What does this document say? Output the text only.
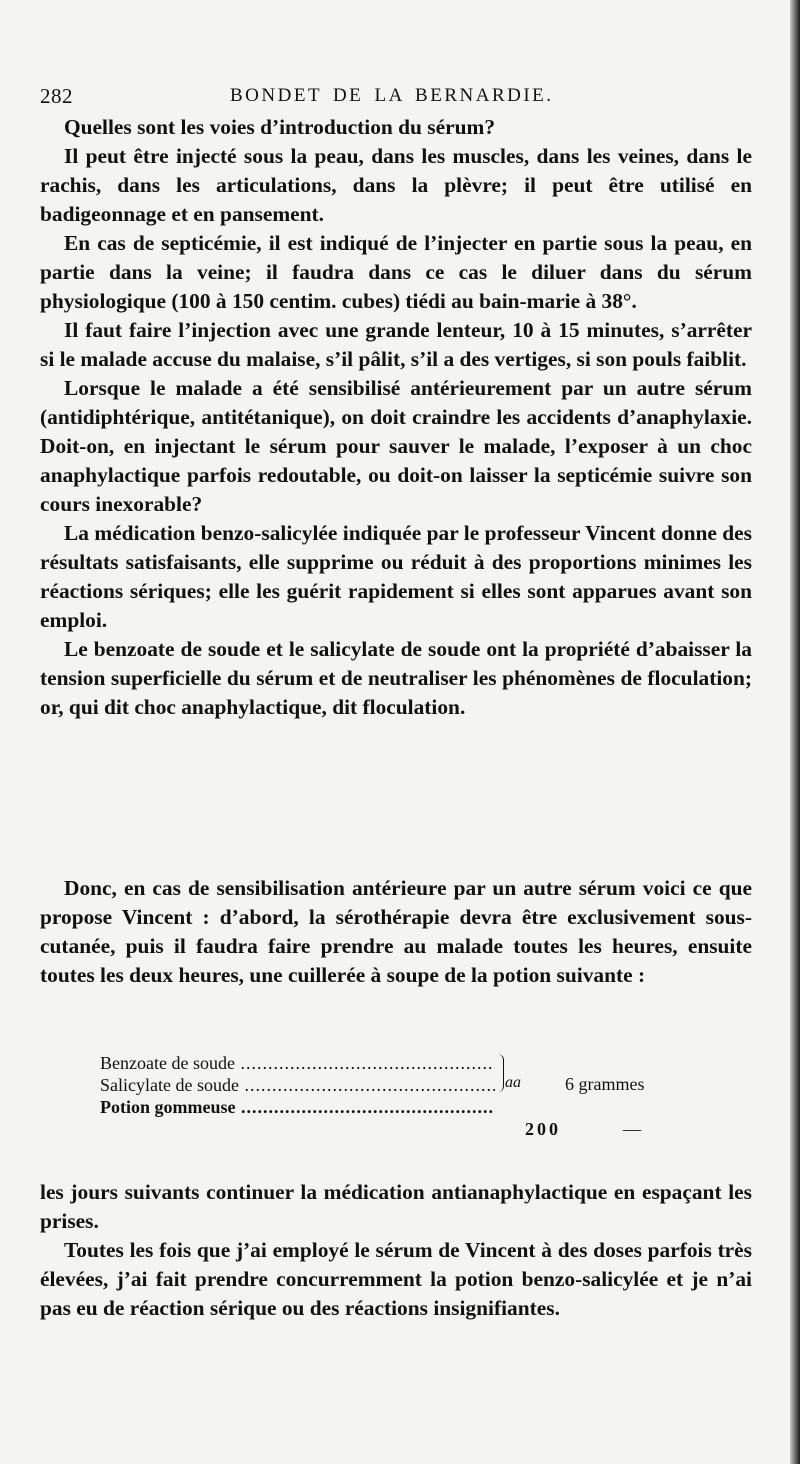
282	BONDET DE LA BERNARDIE.

Quelles sont les voies d’introduction du sérum?

Il peut être injecté sous la peau, dans les muscles, dans les veines, dans le rachis, dans les articulations, dans la plèvre; il peut être utilisé en badigeonnage et en pansement.

En cas de septicémie, il est indiqué de l’injecter en partie sous la peau, en partie dans la veine; il faudra dans ce cas le diluer dans du sérum physiologique (100 à 150 centim. cubes) tiédi au bain-marie à 38°.

Il faut faire l’injection avec une grande lenteur, 10 à 15 minutes, s’arrêter si le malade accuse du malaise, s’il pâlit, s’il a des vertiges, si son pouls faiblit.

Lorsque le malade a été sensibilisé antérieurement par un autre sérum (antidiphtérique, antitétanique), on doit craindre les accidents d’anaphylaxie. Doit-on, en injectant le sérum pour sauver le malade, l’exposer à un choc anaphylactique parfois redoutable, ou doit-on laisser la septicémie suivre son cours inexorable?

La médication benzo-salicylée indiquée par le professeur Vincent donne des résultats satisfaisants, elle supprime ou réduit à des proportions minimes les réactions sériques; elle les guérit rapidement si elles sont apparues avant son emploi.

Le benzoate de soude et le salicylate de soude ont la propriété d’abaisser la tension superficielle du sérum et de neutraliser les phénomènes de floculation; or, qui dit choc anaphylactique, dit floculation.

Donc, en cas de sensibilisation antérieure par un autre sérum voici ce que propose Vincent : d’abord, la sérothérapie devra être exclusivement sous-cutanée, puis il faudra faire prendre au malade toutes les heures, ensuite toutes les deux heures, une cuillerée à soupe de la potion suivante :

Benzoate de soude .....
Salicylate de soude .....
Potion gommeuse .....
aa 6 grammes
200	—

les jours suivants continuer la médication antianaphylactique en espaçant les prises.

Toutes les fois que j’ai employé le sérum de Vincent à des doses parfois très élevées, j’ai fait prendre concurremment la potion benzo-salicylée et je n’ai pas eu de réaction sérique ou des réactions insignifiantes.
